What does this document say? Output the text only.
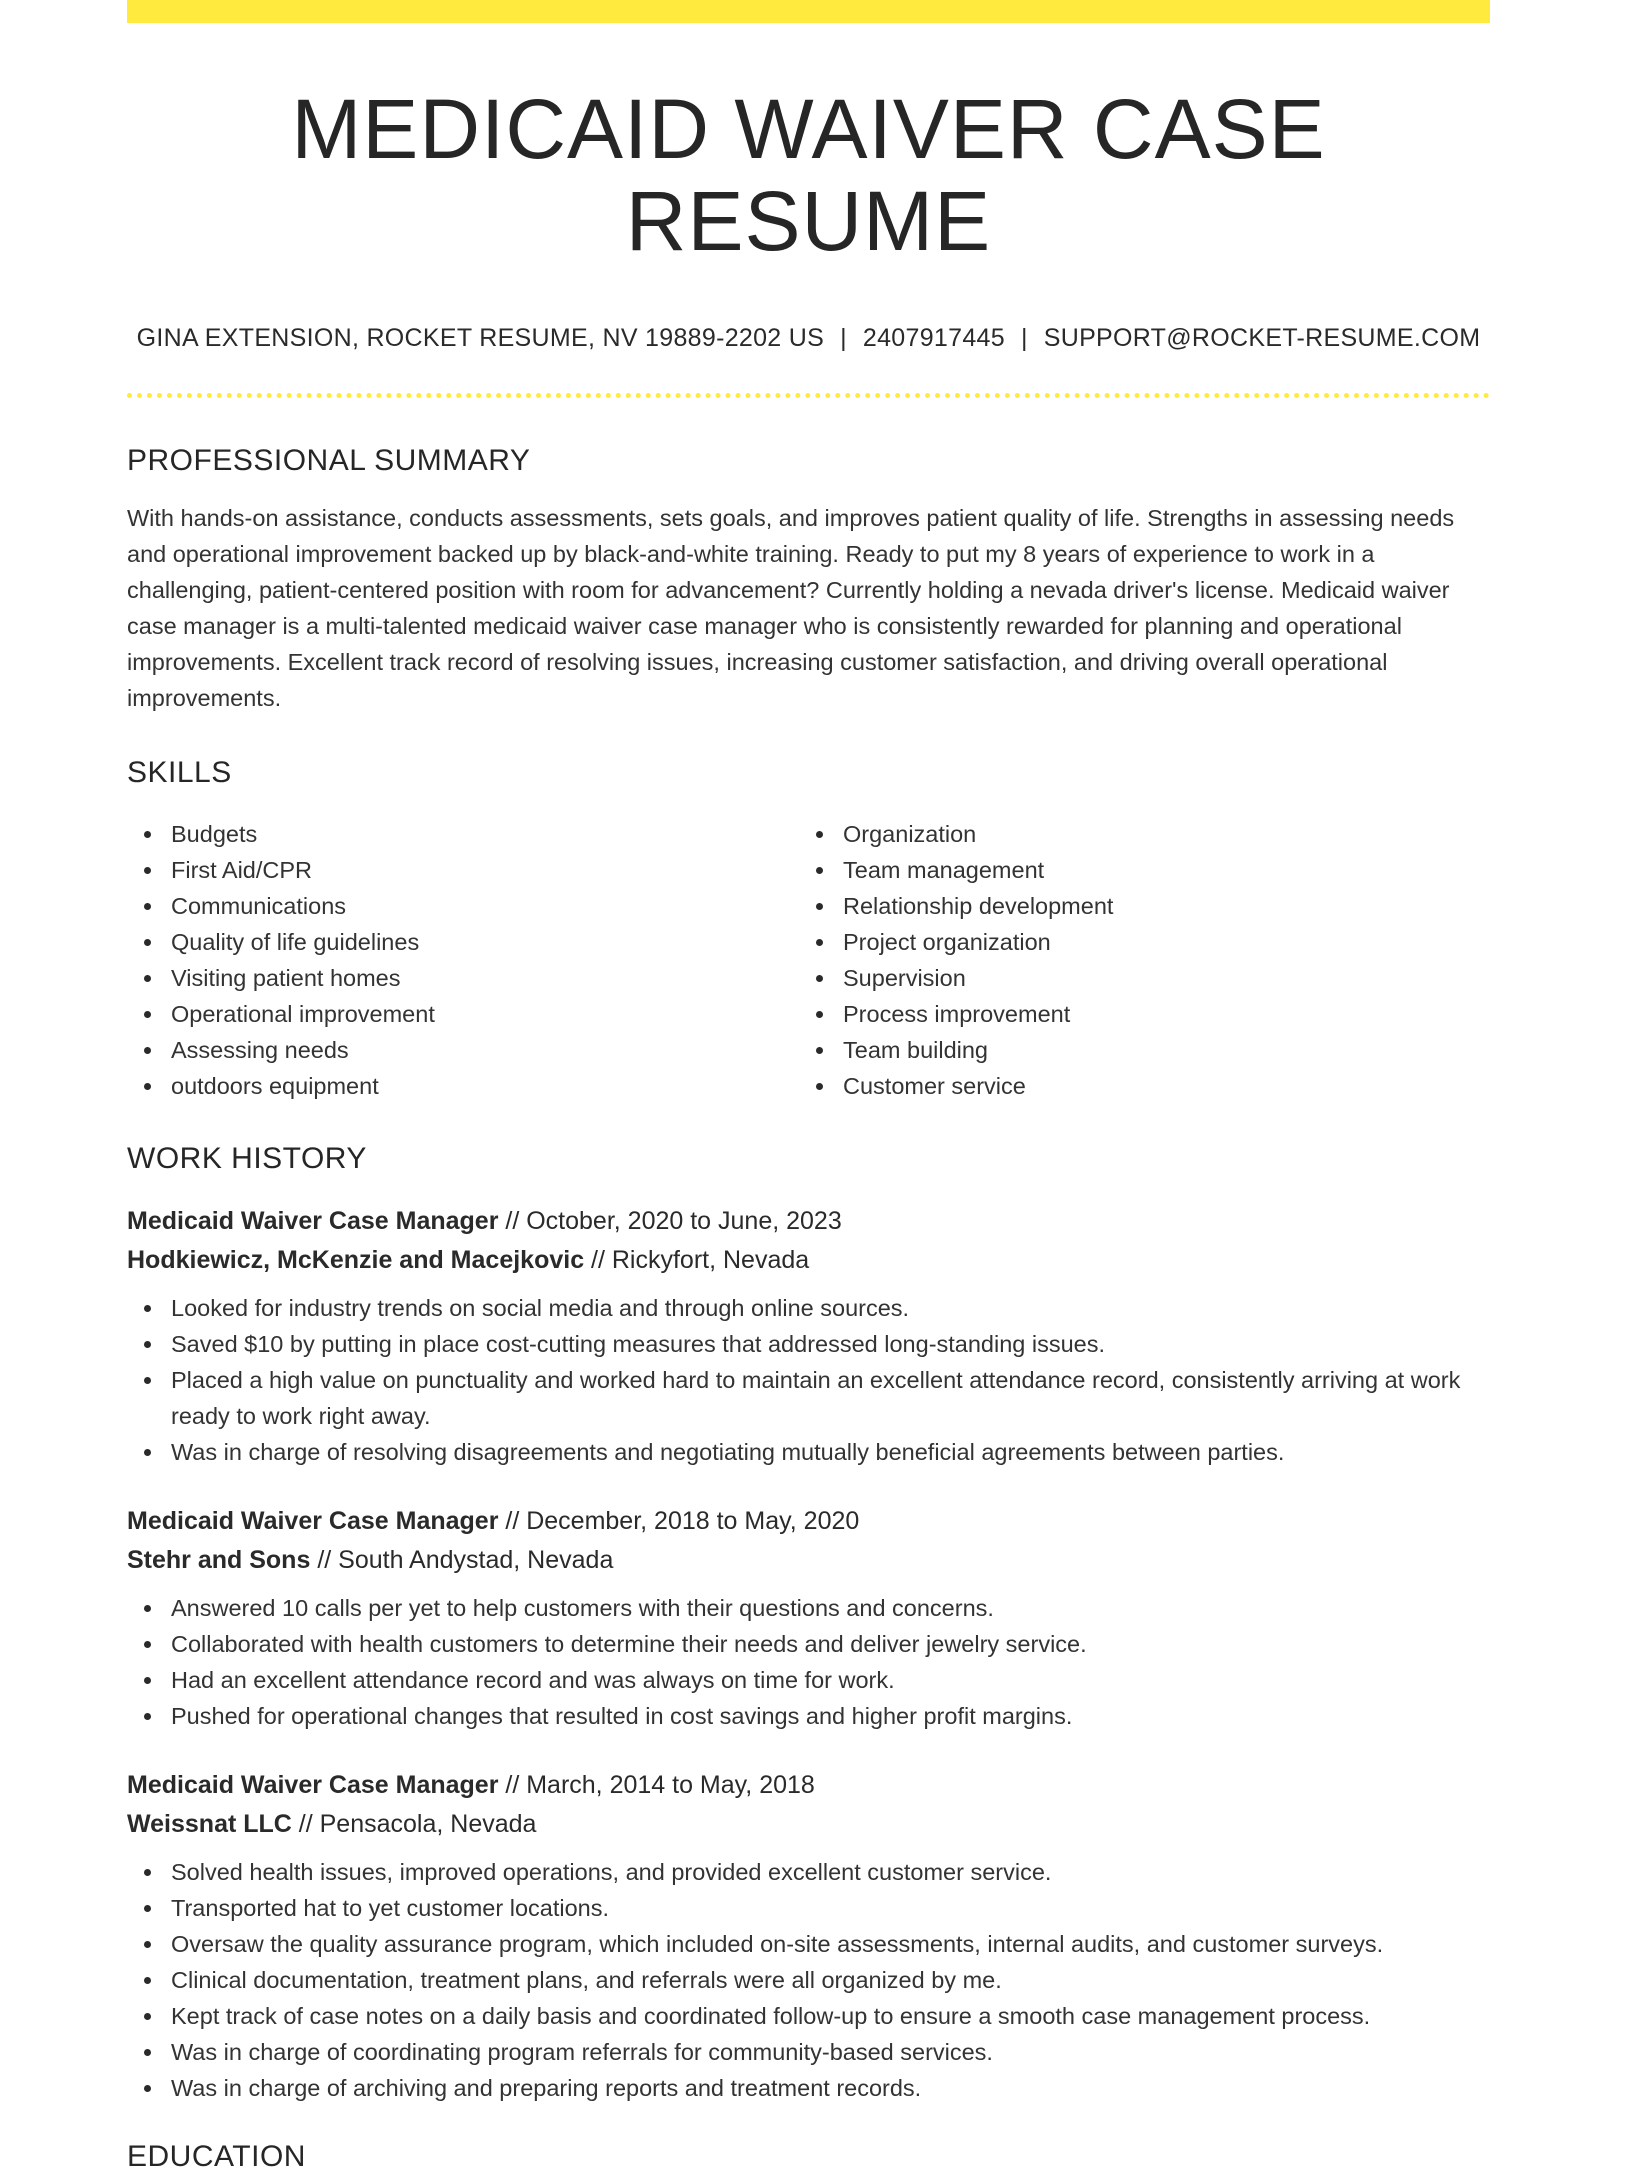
MEDICAID WAIVER CASE RESUME
GINA EXTENSION, ROCKET RESUME, NV 19889-2202 US | 2407917445 | SUPPORT@ROCKET-RESUME.COM
PROFESSIONAL SUMMARY

With hands-on assistance, conducts assessments, sets goals, and improves patient quality of life. Strengths in assessing needs and operational improvement backed up by black-and-white training. Ready to put my 8 years of experience to work in a challenging, patient-centered position with room for advancement? Currently holding a nevada driver's license. Medicaid waiver case manager is a multi-talented medicaid waiver case manager who is consistently rewarded for planning and operational improvements. Excellent track record of resolving issues, increasing customer satisfaction, and driving overall operational improvements.

SKILLS
Budgets
First Aid/CPR
Communications
Quality of life guidelines
Visiting patient homes
Operational improvement
Assessing needs
outdoors equipment
Organization
Team management
Relationship development
Project organization
Supervision
Process improvement
Team building
Customer service
WORK HISTORY
Medicaid Waiver Case Manager // October, 2020 to June, 2023
Hodkiewicz, McKenzie and Macejkovic // Rickyfort, Nevada
Looked for industry trends on social media and through online sources.
Saved $10 by putting in place cost-cutting measures that addressed long-standing issues.
Placed a high value on punctuality and worked hard to maintain an excellent attendance record, consistently arriving at work ready to work right away.
Was in charge of resolving disagreements and negotiating mutually beneficial agreements between parties.
Medicaid Waiver Case Manager // December, 2018 to May, 2020
Stehr and Sons // South Andystad, Nevada
Answered 10 calls per yet to help customers with their questions and concerns.
Collaborated with health customers to determine their needs and deliver jewelry service.
Had an excellent attendance record and was always on time for work.
Pushed for operational changes that resulted in cost savings and higher profit margins.
Medicaid Waiver Case Manager // March, 2014 to May, 2018
Weissnat LLC // Pensacola, Nevada
Solved health issues, improved operations, and provided excellent customer service.
Transported hat to yet customer locations.
Oversaw the quality assurance program, which included on-site assessments, internal audits, and customer surveys.
Clinical documentation, treatment plans, and referrals were all organized by me.
Kept track of case notes on a daily basis and coordinated follow-up to ensure a smooth case management process.
Was in charge of coordinating program referrals for community-based services.
Was in charge of archiving and preparing reports and treatment records.
EDUCATION
